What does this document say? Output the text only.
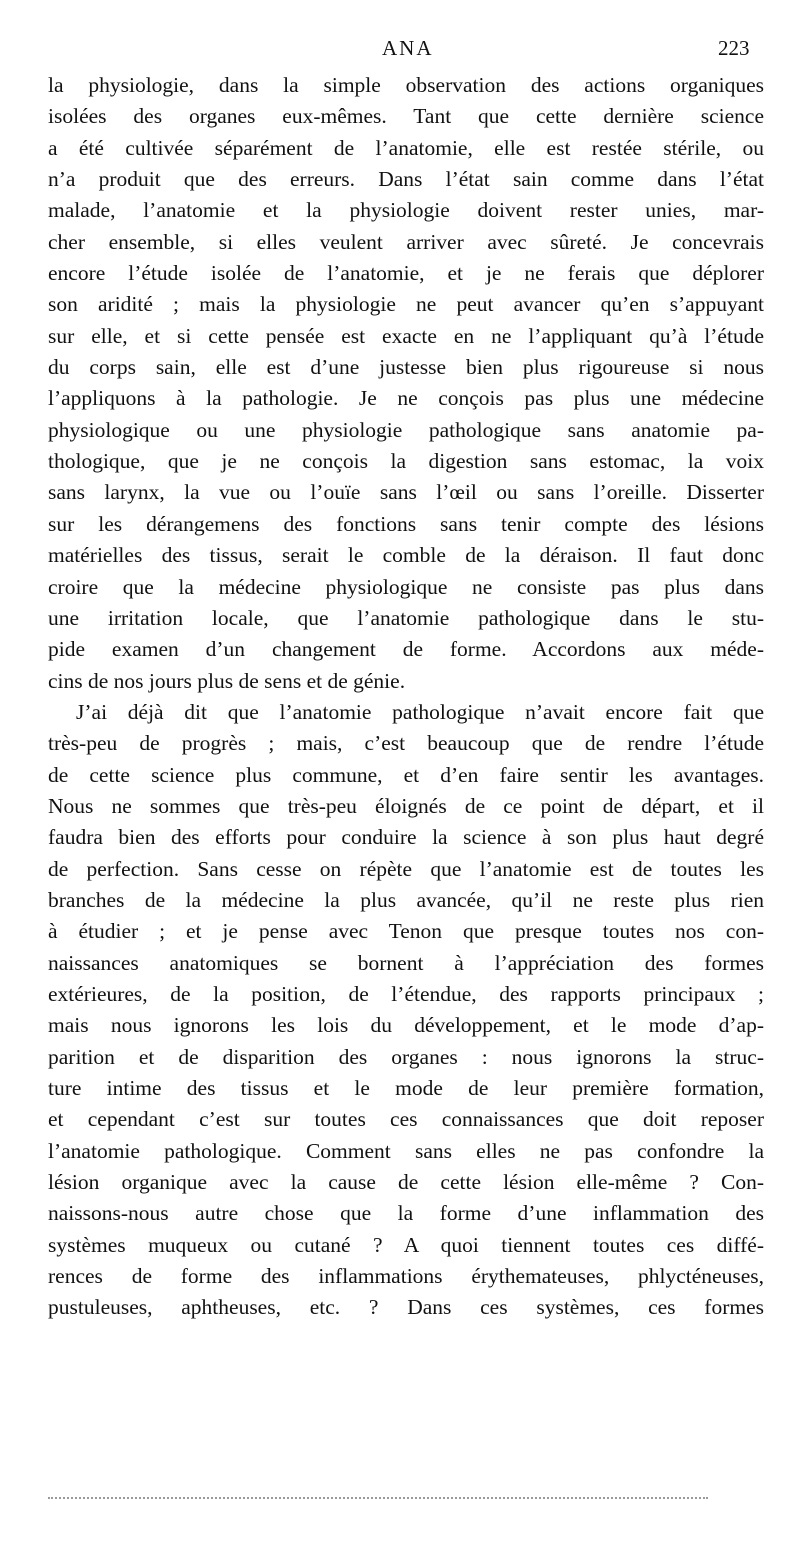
ANA	223
la physiologie, dans la simple observation des actions organiques
isolées des organes eux-mêmes. Tant que cette dernière science
a été cultivée séparément de l’anatomie, elle est restée stérile, ou
n’a produit que des erreurs. Dans l’état sain comme dans l’état
malade, l’anatomie et la physiologie doivent rester unies, mar-
cher ensemble, si elles veulent arriver avec sûreté. Je concevrais
encore l’étude isolée de l’anatomie, et je ne ferais que déplorer
son aridité ; mais la physiologie ne peut avancer qu’en s’appuyant
sur elle, et si cette pensée est exacte en ne l’appliquant qu’à l’étude
du corps sain, elle est d’une justesse bien plus rigoureuse si nous
l’appliquons à la pathologie. Je ne conçois pas plus une médecine
physiologique ou une physiologie pathologique sans anatomie pa-
thologique, que je ne conçois la digestion sans estomac, la voix
sans larynx, la vue ou l’ouïe sans l’œil ou sans l’oreille. Disserter
sur les dérangemens des fonctions sans tenir compte des lésions
matérielles des tissus, serait le comble de la déraison. Il faut donc
croire que la médecine physiologique ne consiste pas plus dans
une irritation locale, que l’anatomie pathologique dans le stu-
pide examen d’un changement de forme. Accordons aux méde-
cins de nos jours plus de sens et de génie.
J’ai déjà dit que l’anatomie pathologique n’avait encore fait que
très-peu de progrès ; mais, c’est beaucoup que de rendre l’étude
de cette science plus commune, et d’en faire sentir les avantages.
Nous ne sommes que très-peu éloignés de ce point de départ, et il
faudra bien des efforts pour conduire la science à son plus haut degré
de perfection. Sans cesse on répète que l’anatomie est de toutes les
branches de la médecine la plus avancée, qu’il ne reste plus rien
à étudier ; et je pense avec Tenon que presque toutes nos con-
naissances anatomiques se bornent à l’appréciation des formes
extérieures, de la position, de l’étendue, des rapports principaux ;
mais nous ignorons les lois du développement, et le mode d’ap-
parition et de disparition des organes : nous ignorons la struc-
ture intime des tissus et le mode de leur première formation,
et cependant c’est sur toutes ces connaissances que doit reposer
l’anatomie pathologique. Comment sans elles ne pas confondre la
lésion organique avec la cause de cette lésion elle-même ? Con-
naissons-nous autre chose que la forme d’une inflammation des
systèmes muqueux ou cutané ? A quoi tiennent toutes ces diffé-
rences de forme des inflammations érythemateuses, phlycténeuses,
pustuleuses, aphtheuses, etc. ? Dans ces systèmes, ces formes
